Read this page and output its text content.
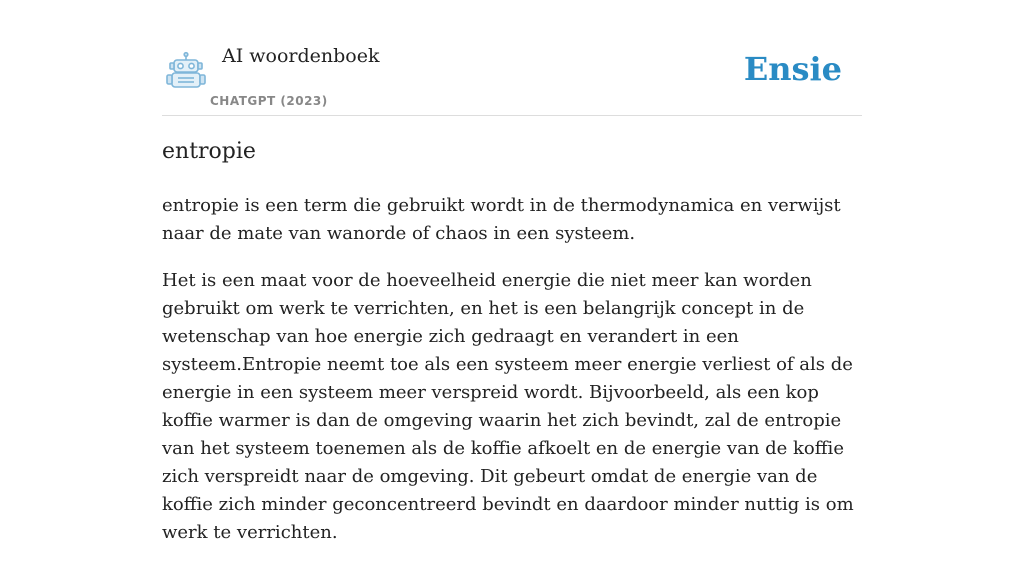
AI woordenboek
CHATGPT (2023)
Ensie
entropie

entropie is een term die gebruikt wordt in de thermodynamica en verwijst naar de mate van wanorde of chaos in een systeem.

Het is een maat voor de hoeveelheid energie die niet meer kan worden gebruikt om werk te verrichten, en het is een belangrijk concept in de wetenschap van hoe energie zich gedraagt en verandert in een systeem.Entropie neemt toe als een systeem meer energie verliest of als de energie in een systeem meer verspreid wordt. Bijvoorbeeld, als een kop koffie warmer is dan de omgeving waarin het zich bevindt, zal de entropie van het systeem toenemen als de koffie afkoelt en de energie van de koffie zich verspreidt naar de omgeving. Dit gebeurt omdat de energie van de koffie zich minder geconcentreerd bevindt en daardoor minder nuttig is om werk te verrichten.
